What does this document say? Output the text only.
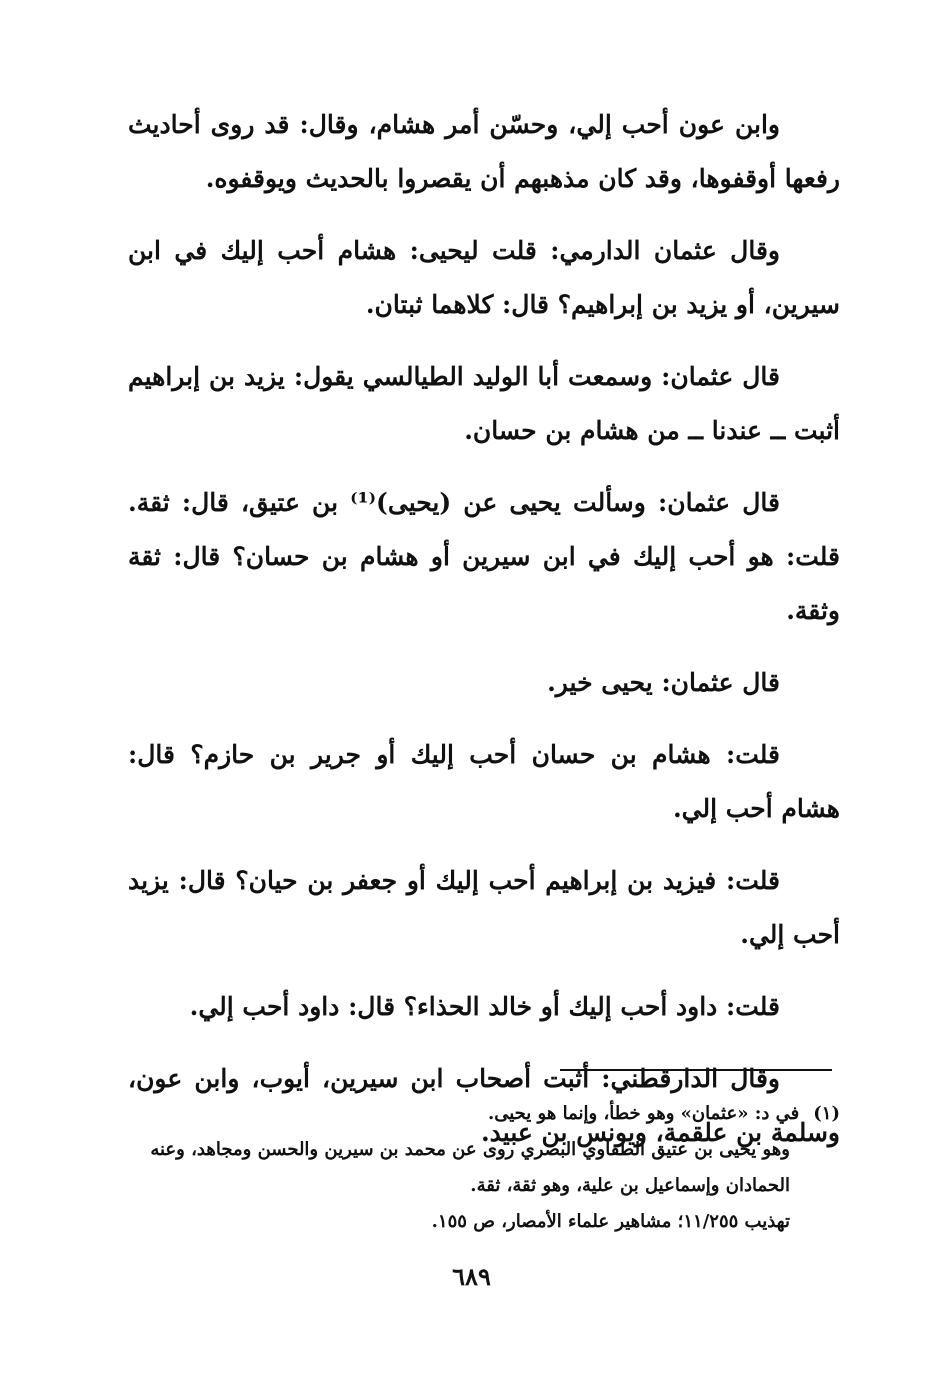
وابن عون أحب إلي، وحسّن أمر هشام، وقال: قد روى أحاديث رفعها أوقفوها، وقد كان مذهبهم أن يقصروا بالحديث ويوقفوه.

وقال عثمان الدارمي: قلت ليحيى: هشام أحب إليك في ابن سيرين، أو يزيد بن إبراهيم؟ قال: كلاهما ثبتان.

قال عثمان: وسمعت أبا الوليد الطيالسي يقول: يزيد بن إبراهيم أثبت ــ عندنا ــ من هشام بن حسان.

قال عثمان: وسألت يحيى عن (يحيى)⁽¹⁾ بن عتيق، قال: ثقة. قلت: هو أحب إليك في ابن سيرين أو هشام بن حسان؟ قال: ثقة وثقة.

قال عثمان: يحيى خير.

قلت: هشام بن حسان أحب إليك أو جرير بن حازم؟ قال: هشام أحب إلي.

قلت: فيزيد بن إبراهيم أحب إليك أو جعفر بن حيان؟ قال: يزيد أحب إلي.

قلت: داود أحب إليك أو خالد الحذاء؟ قال: داود أحب إلي.

وقال الدارقطني: أثبت أصحاب ابن سيرين، أيوب، وابن عون، وسلمة بن علقمة، ويونس بن عبيد.

(١)
في د: «عثمان» وهو خطأ، وإنما هو يحيى.
وهو يحيى بن عتيق الطفاوي البصري روى عن محمد بن سيرين والحسن ومجاهد، وعنه
الحمادان وإسماعيل بن علية، وهو ثقة، ثقة.
تهذيب ١١/٢٥٥؛ مشاهير علماء الأمصار، ص ١٥٥.
٦٨٩
